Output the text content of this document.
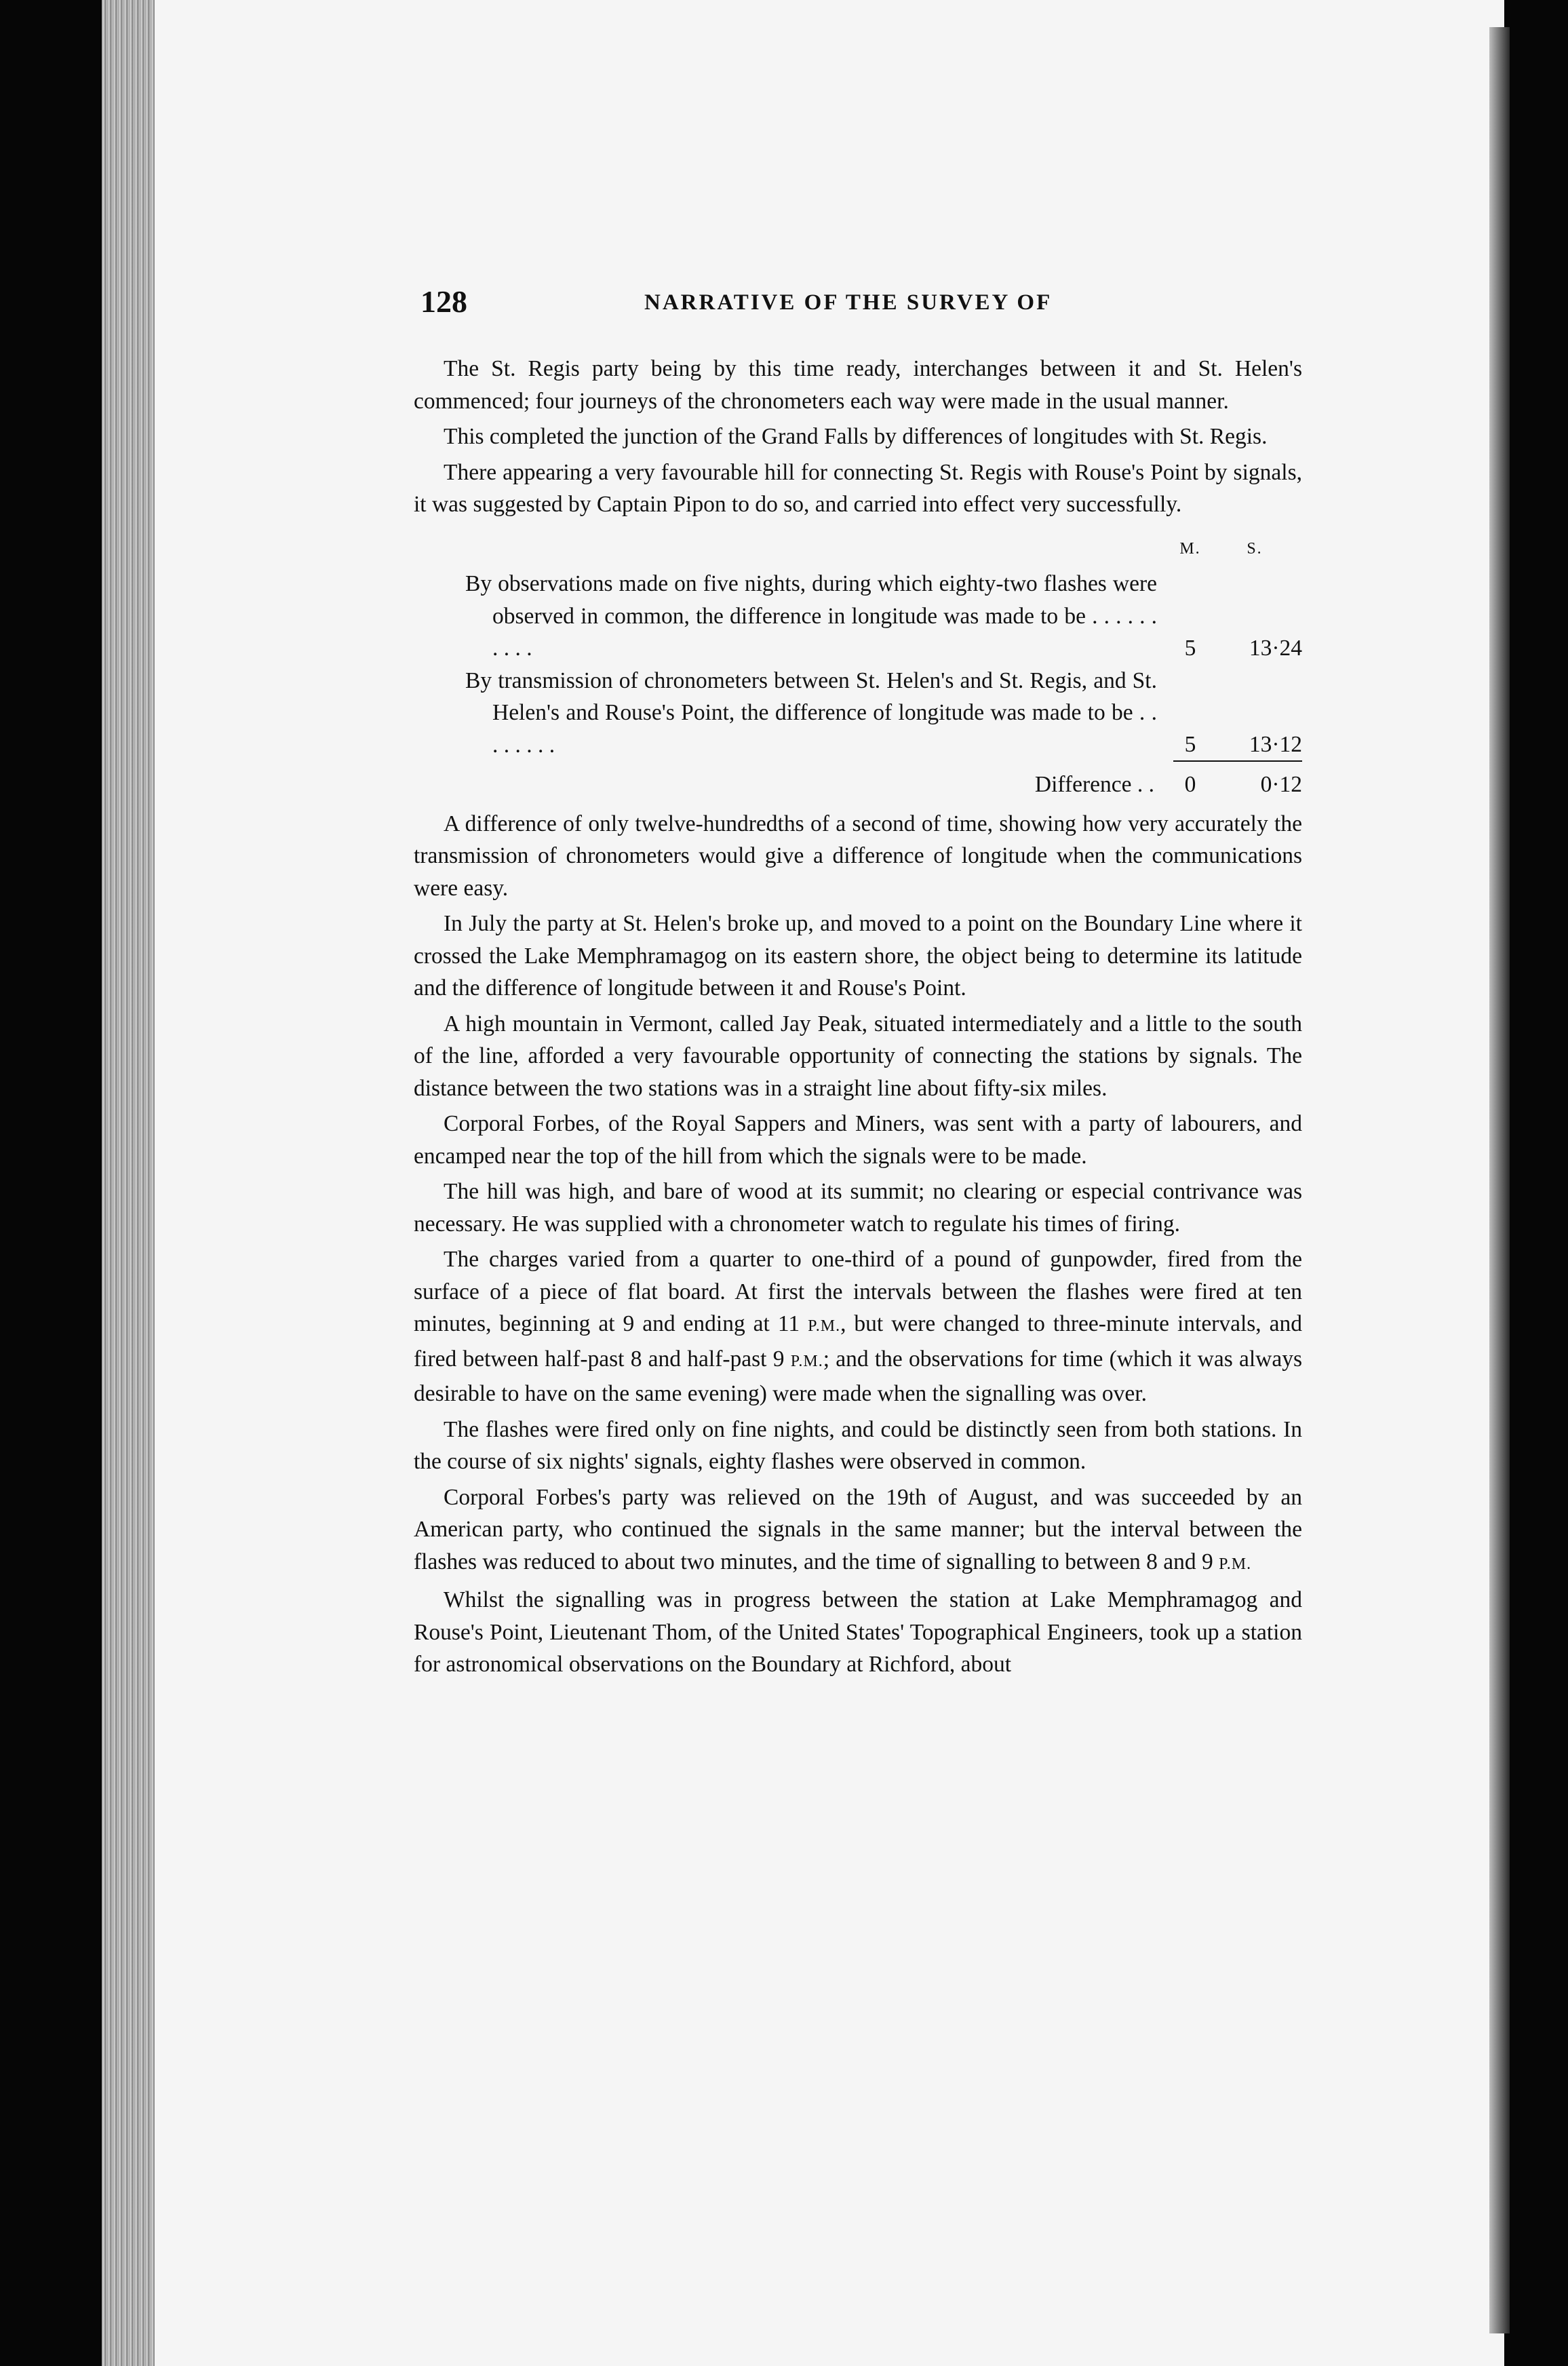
128	NARRATIVE OF THE SURVEY OF

The St. Regis party being by this time ready, interchanges between it and St. Helen's commenced; four journeys of the chronometers each way were made in the usual manner.

This completed the junction of the Grand Falls by differences of longitudes with St. Regis.

There appearing a very favourable hill for connecting St. Regis with Rouse's Point by signals, it was suggested by Captain Pipon to do so, and carried into effect very successfully.

	M.	S.

By observations made on five nights, during which eighty-two flashes were observed in common, the difference in longitude was made to be . . . . . . . . . .	5	13·24

By transmission of chronometers between St. Helen's and St. Regis, and St. Helen's and Rouse's Point, the difference of longitude was made to be . . . . . . . .	5	13·12
Difference . .	0	0·12

A difference of only twelve-hundredths of a second of time, showing how very accurately the transmission of chronometers would give a difference of longitude when the communications were easy.

In July the party at St. Helen's broke up, and moved to a point on the Boundary Line where it crossed the Lake Memphramagog on its eastern shore, the object being to determine its latitude and the difference of longitude between it and Rouse's Point.

A high mountain in Vermont, called Jay Peak, situated intermediately and a little to the south of the line, afforded a very favourable opportunity of connecting the stations by signals. The distance between the two stations was in a straight line about fifty-six miles.

Corporal Forbes, of the Royal Sappers and Miners, was sent with a party of labourers, and encamped near the top of the hill from which the signals were to be made.

The hill was high, and bare of wood at its summit; no clearing or especial contrivance was necessary. He was supplied with a chronometer watch to regulate his times of firing.

The charges varied from a quarter to one-third of a pound of gunpowder, fired from the surface of a piece of flat board. At first the intervals between the flashes were fired at ten minutes, beginning at 9 and ending at 11 P.M., but were changed to three-minute intervals, and fired between half-past 8 and half-past 9 P.M.; and the observations for time (which it was always desirable to have on the same evening) were made when the signalling was over.

The flashes were fired only on fine nights, and could be distinctly seen from both stations. In the course of six nights' signals, eighty flashes were observed in common.

Corporal Forbes's party was relieved on the 19th of August, and was succeeded by an American party, who continued the signals in the same manner; but the interval between the flashes was reduced to about two minutes, and the time of signalling to between 8 and 9 P.M.

Whilst the signalling was in progress between the station at Lake Memphramagog and Rouse's Point, Lieutenant Thom, of the United States' Topographical Engineers, took up a station for astronomical observations on the Boundary at Richford, about
